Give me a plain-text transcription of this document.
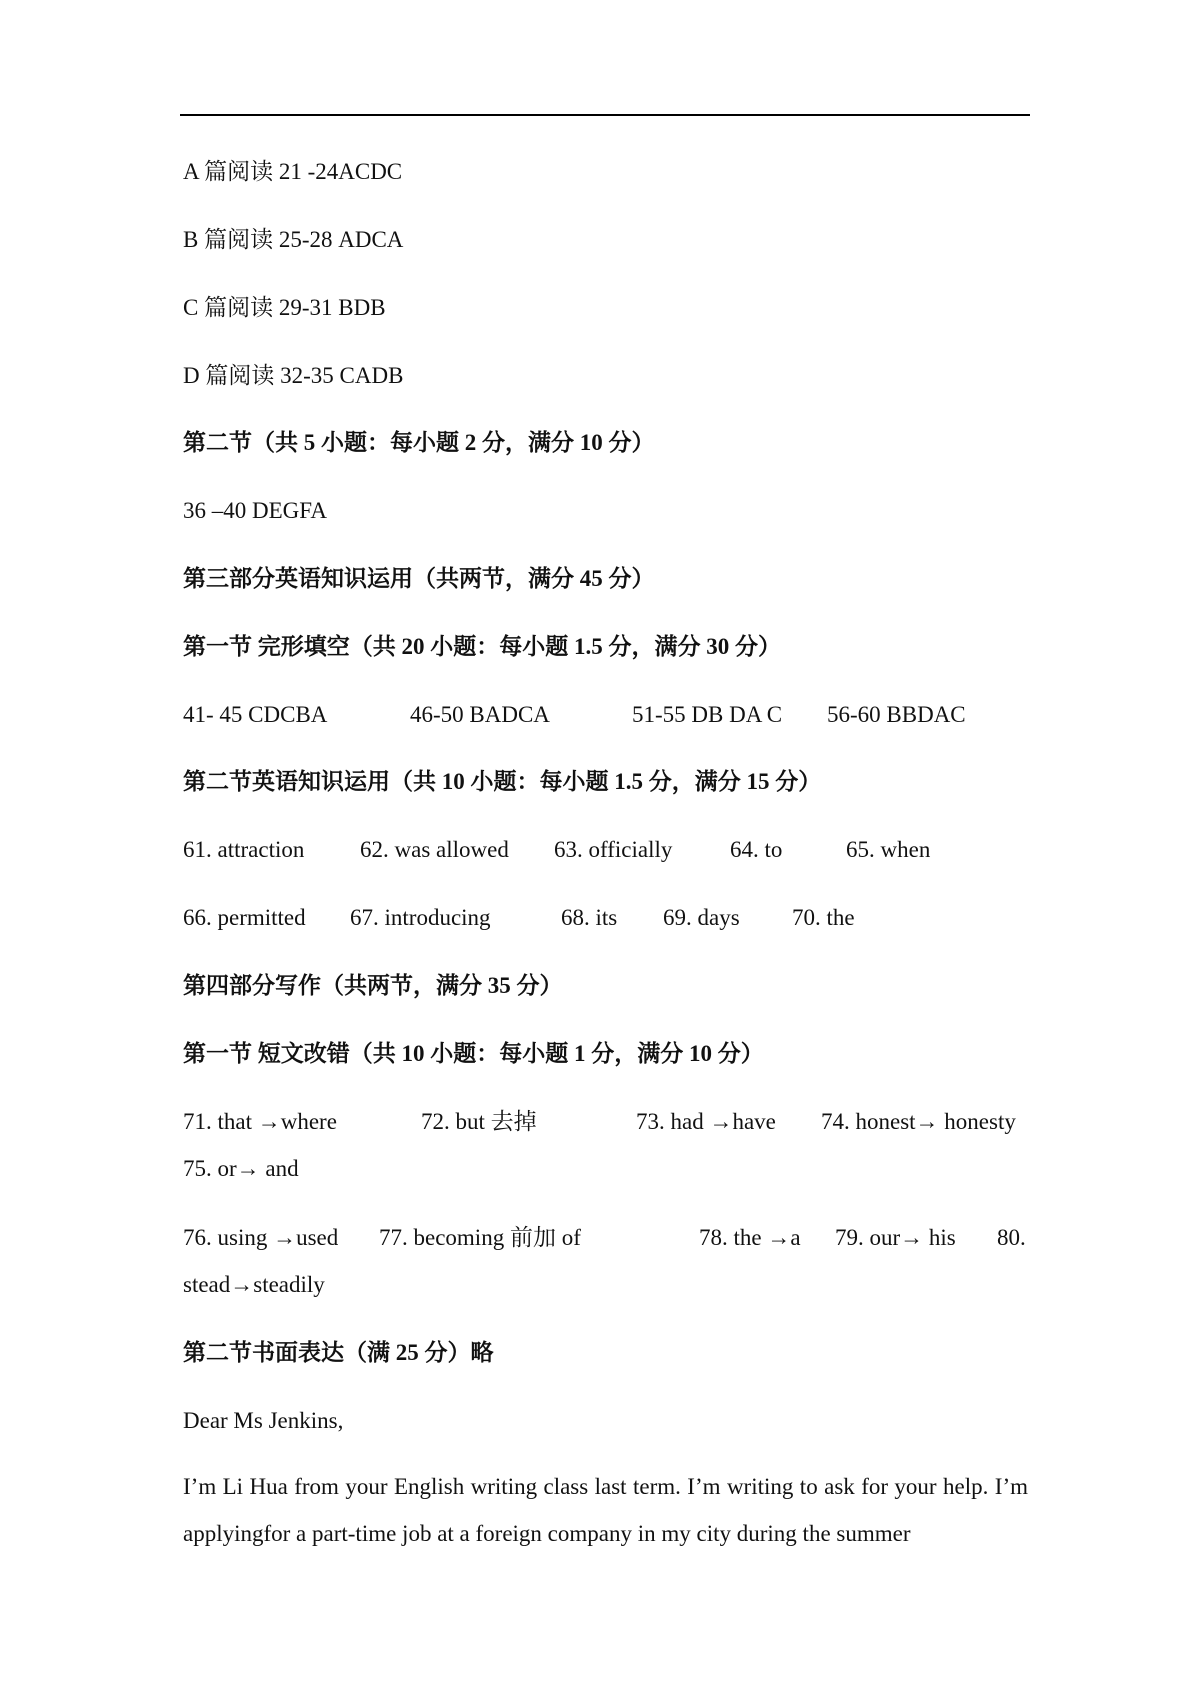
A 篇阅读 21 -24ACDC
B 篇阅读 25-28 ADCA
C 篇阅读 29-31 BDB
D 篇阅读 32-35 CADB
第二节（共 5 小题：每小题 2 分，满分 10 分）
36 –40 DEGFA
第三部分英语知识运用（共两节，满分 45 分）
第一节 完形填空（共 20 小题：每小题 1.5 分，满分 30 分）
41- 45 CDCBA	46-50 BADCA	51-55 DB DA C 56-60 BBDAC
第二节英语知识运用（共 10 小题：每小题 1.5 分，满分 15 分）
61. attraction 62. was allowed 63. officially	64. to	65. when
66. permitted 67. introducing	68. its 69. days 70. the
第四部分写作（共两节，满分 35 分）
第一节 短文改错（共 10 小题：每小题 1 分，满分 10 分）
71. that →where	72. but 去掉	73. had →have 74. honest→ honesty
75. or→ and
76. using →used 77. becoming 前加 of	78. the →a 79. our→ his 80.
stead→steadily
第二节书面表达（满 25 分）略
Dear Ms Jenkins,
I’m Li Hua from your English writing class last term. I’m writing to ask for your help. I’m applyingfor a part-time job at a foreign company in my city during the summer
